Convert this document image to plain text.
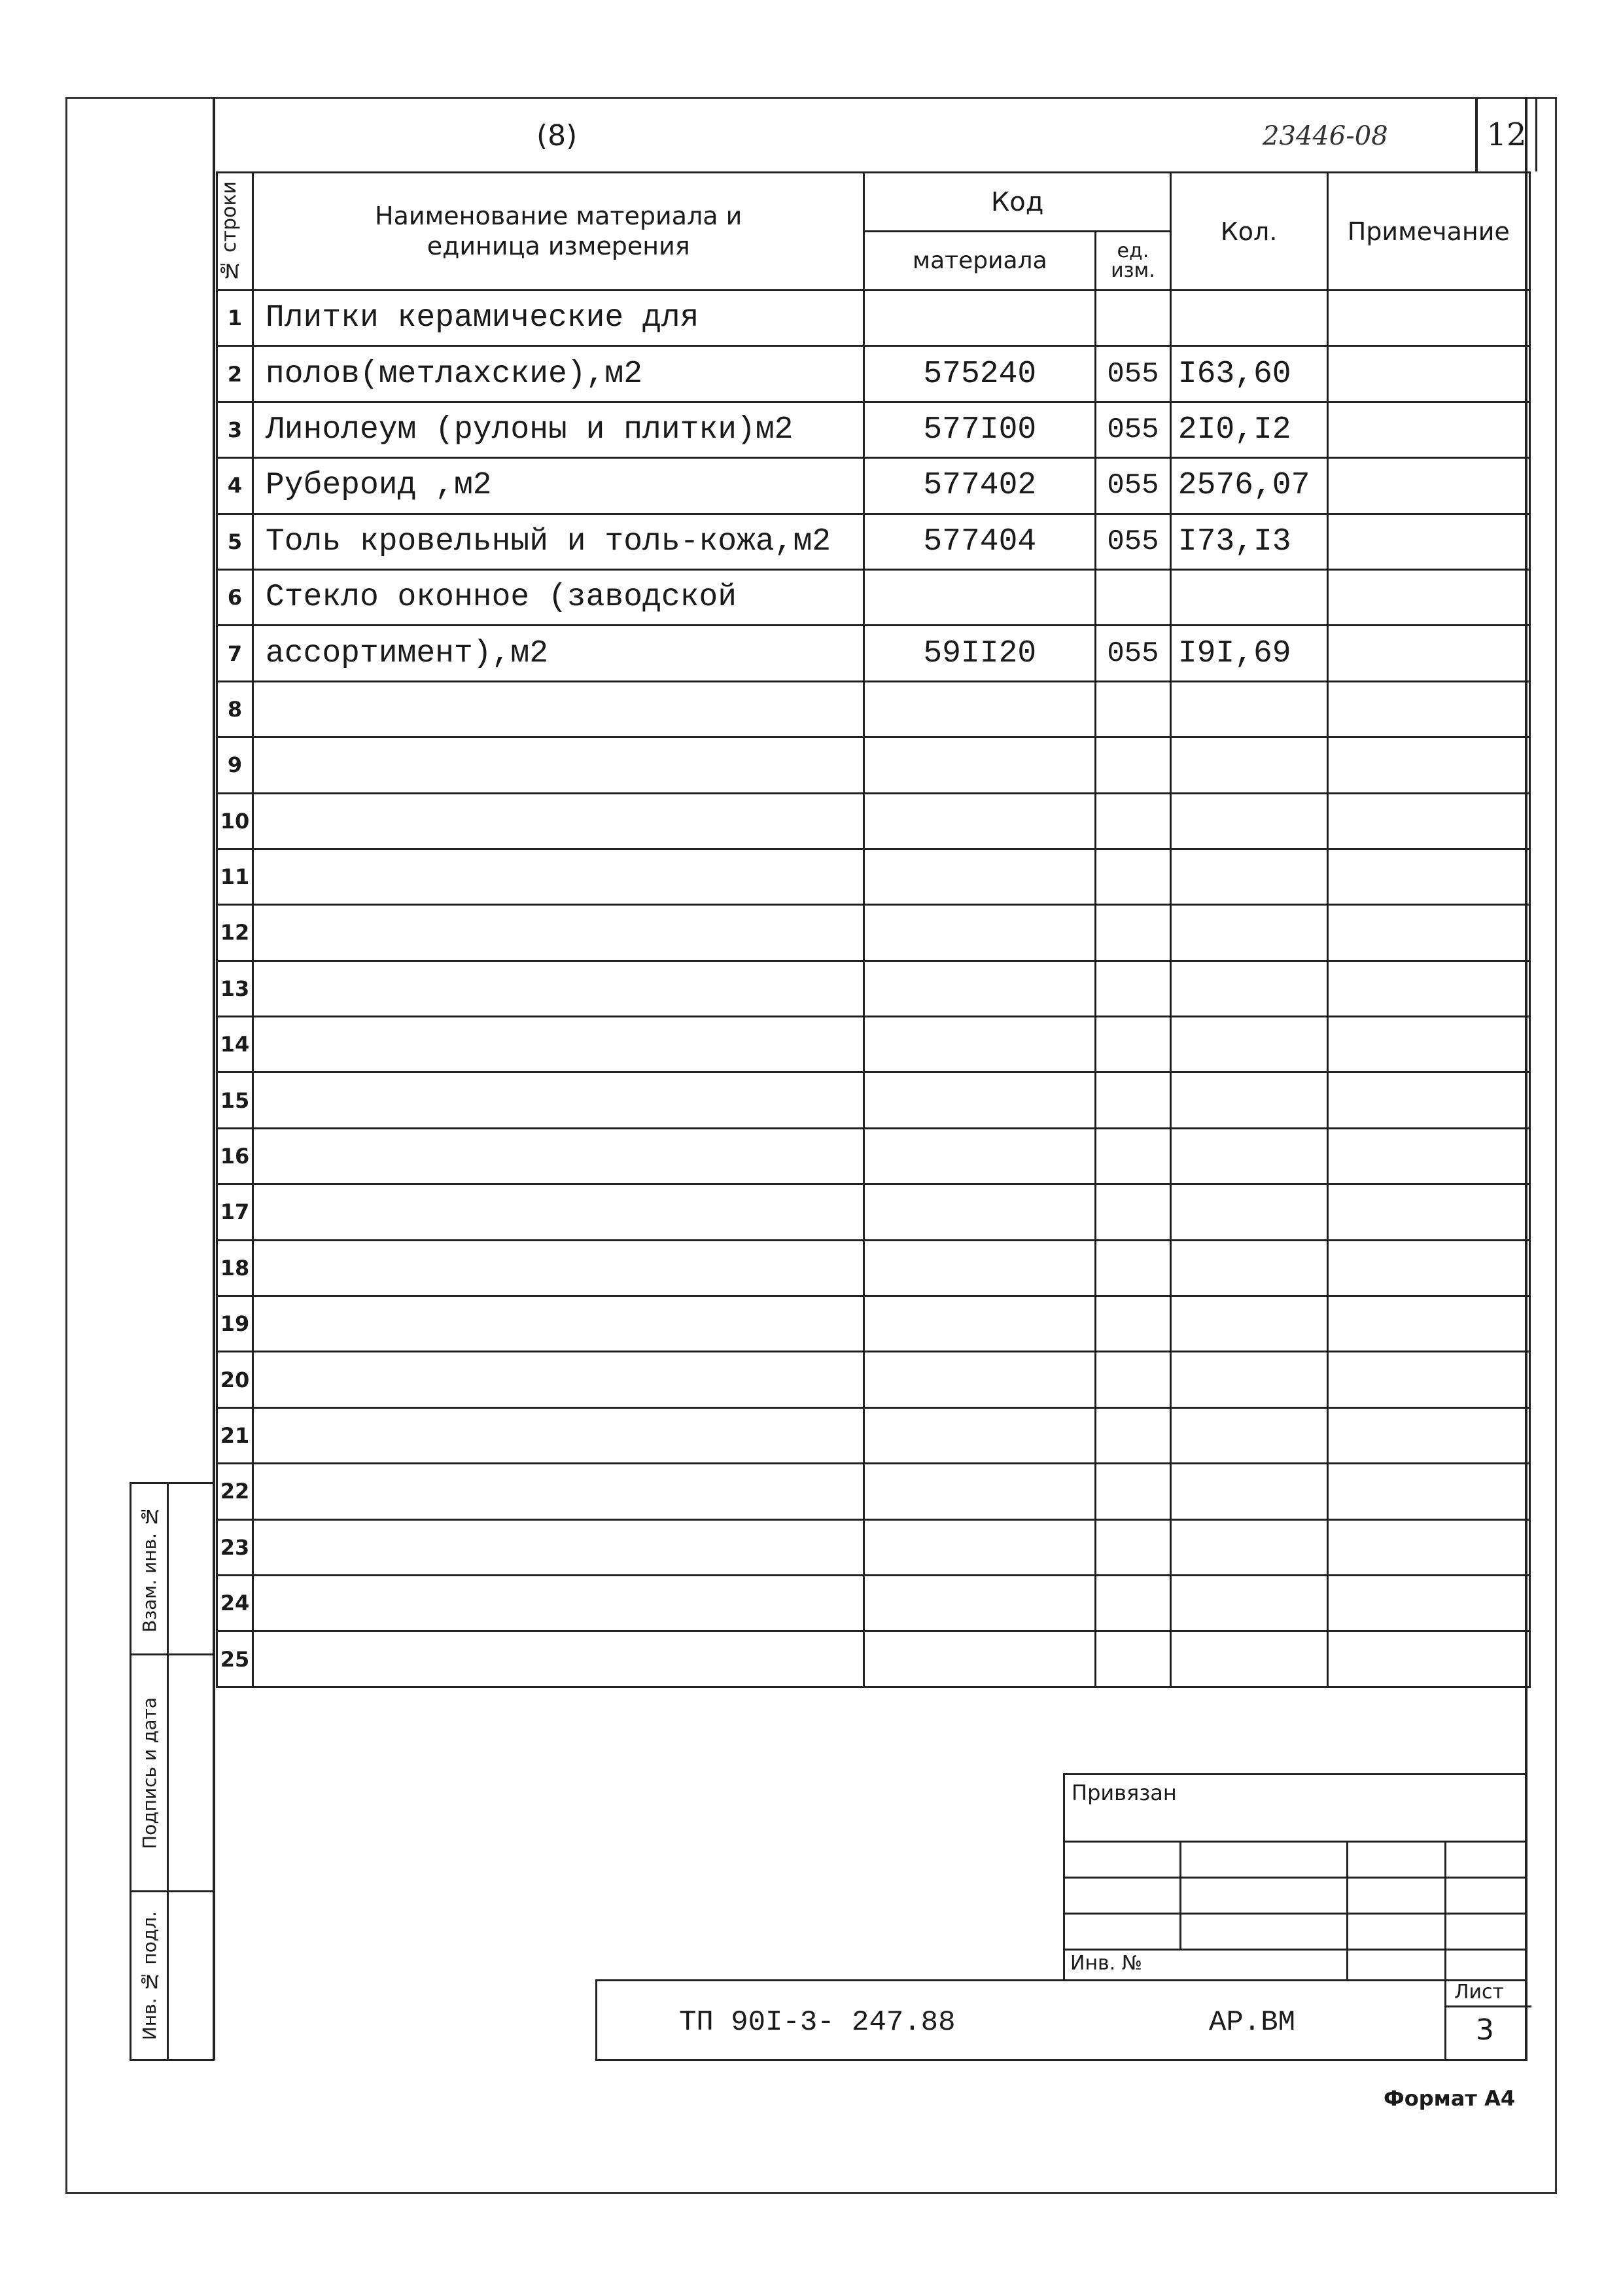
(8)	23446-08	12
№ строки	Наименование материала и единица измерения	Код		Кол.	Примечание
		материала	ед. изм.		

1	Плитки керамические для				
2	полов(метлахские),м2	575240	055	I63,60	
3	Линолеум (рулоны и плитки)м2	577I00	055	2I0,I2	
4	Рубероид ,м2	577402	055	2576,07	
5	Толь кровельный и толь-кожа,м2	577404	055	I73,I3	
6	Стекло оконное (заводской				
7	ассортимент),м2	59II20	055	I9I,69	
8					
9					
10					
11					
12					
13					
14					
15					
16					
17					
18					
19					
20					
21					
22					
23					
24					
25					
Взам. инв. №
Подпись и дата
Инв. № подл.
Привязан
Инв. №
ТП 90I-3- 247.88	АР.ВМ
Лист
3
Формат А4
